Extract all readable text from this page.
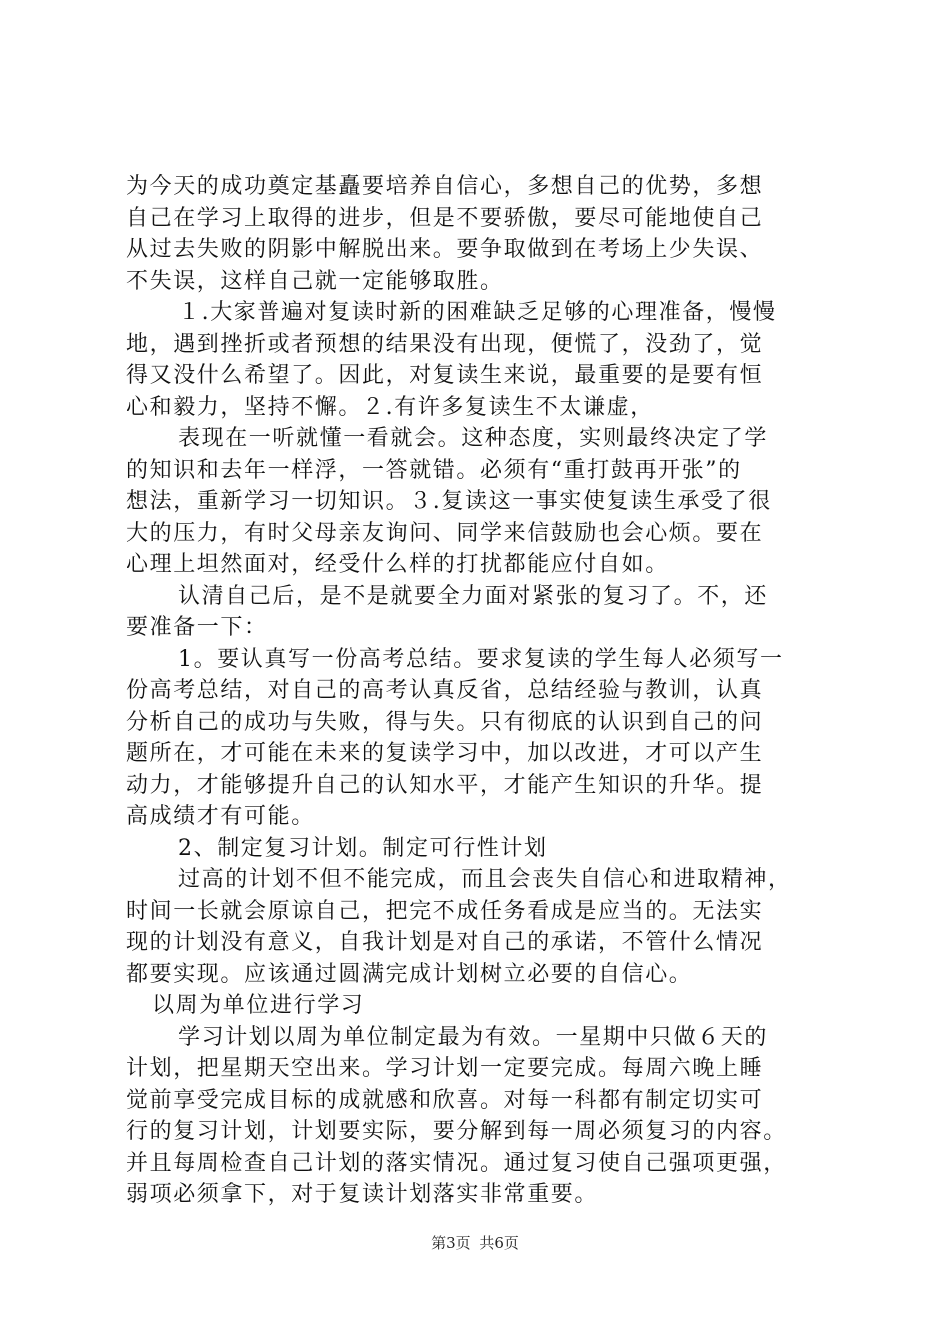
为今天的成功奠定基矗要培养自信心，多想自己的优势，多想
自己在学习上取得的进步，但是不要骄傲，要尽可能地使自己
从过去失败的阴影中解脱出来。要争取做到在考场上少失误、
不失误，这样自己就一定能够取胜。
１.大家普遍对复读时新的困难缺乏足够的心理准备，慢慢
地，遇到挫折或者预想的结果没有出现，便慌了，没劲了，觉
得又没什么希望了。因此，对复读生来说，最重要的是要有恒
心和毅力，坚持不懈。２.有许多复读生不太谦虚，
表现在一听就懂一看就会。这种态度，实则最终决定了学
的知识和去年一样浮，一答就错。必须有“重打鼓再开张”的
想法，重新学习一切知识。３.复读这一事实使复读生承受了很
大的压力，有时父母亲友询问、同学来信鼓励也会心烦。要在
心理上坦然面对，经受什么样的打扰都能应付自如。
认清自己后，是不是就要全力面对紧张的复习了。不，还
要准备一下：
1。要认真写一份高考总结。要求复读的学生每人必须写一
份高考总结，对自己的高考认真反省，总结经验与教训，认真
分析自己的成功与失败，得与失。只有彻底的认识到自己的问
题所在，才可能在未来的复读学习中，加以改进，才可以产生
动力，才能够提升自己的认知水平，才能产生知识的升华。提
高成绩才有可能。
2、制定复习计划。制定可行性计划
过高的计划不但不能完成，而且会丧失自信心和进取精神，
时间一长就会原谅自己，把完不成任务看成是应当的。无法实
现的计划没有意义，自我计划是对自己的承诺，不管什么情况
都要实现。应该通过圆满完成计划树立必要的自信心。
以周为单位进行学习
学习计划以周为单位制定最为有效。一星期中只做６天的
计划，把星期天空出来。学习计划一定要完成。每周六晚上睡
觉前享受完成目标的成就感和欣喜。对每一科都有制定切实可
行的复习计划，计划要实际，要分解到每一周必须复习的内容。
并且每周检查自己计划的落实情况。通过复习使自己强项更强，
弱项必须拿下，对于复读计划落实非常重要。
第3页 共6页
